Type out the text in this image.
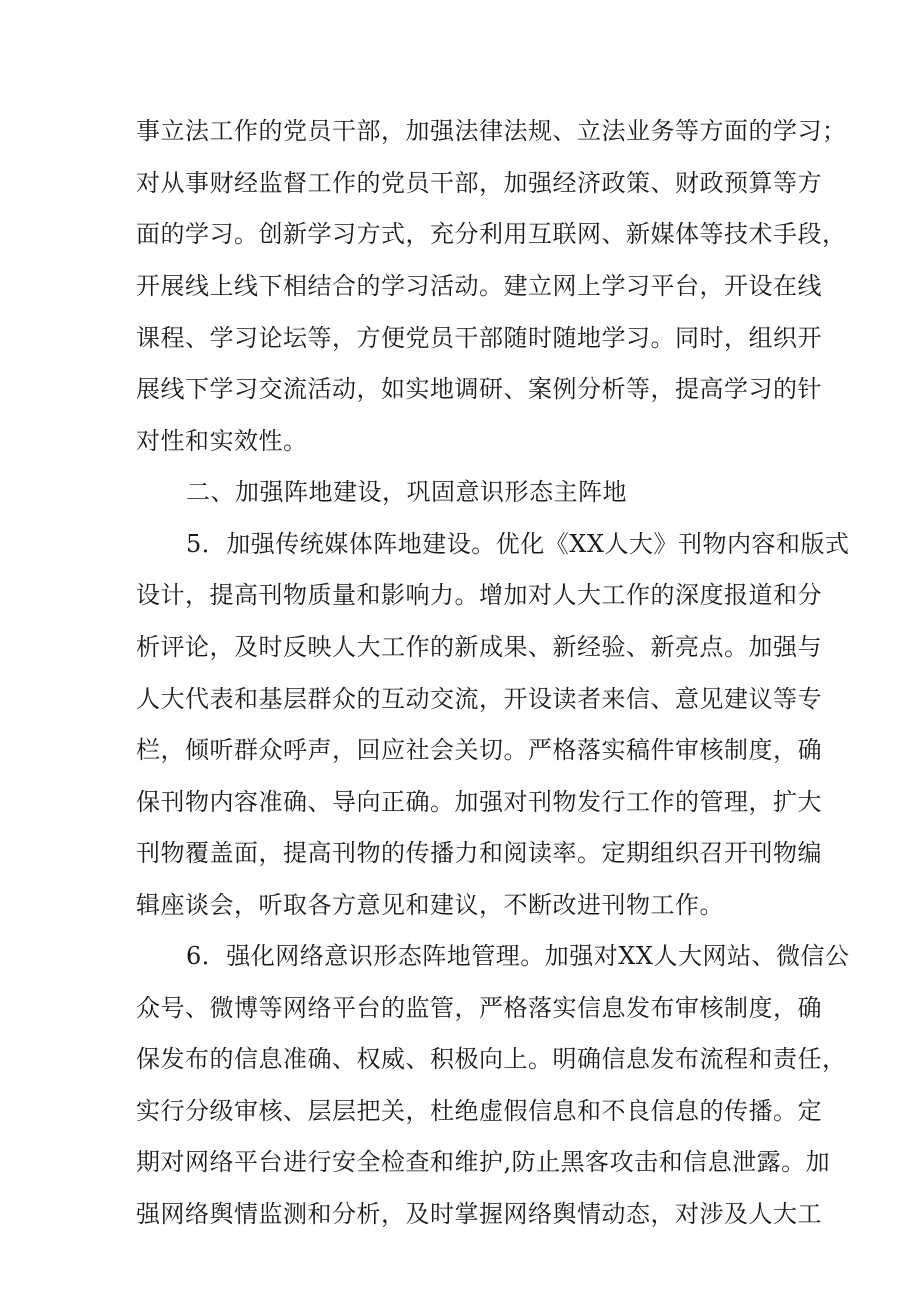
事立法工作的党员干部，加强法律法规、立法业务等方面的学习；
对从事财经监督工作的党员干部，加强经济政策、财政预算等方
面的学习。创新学习方式，充分利用互联网、新媒体等技术手段，
开展线上线下相结合的学习活动。建立网上学习平台，开设在线
课程、学习论坛等，方便党员干部随时随地学习。同时，组织开
展线下学习交流活动，如实地调研、案例分析等，提高学习的针
对性和实效性。
二、加强阵地建设，巩固意识形态主阵地
5．加强传统媒体阵地建设。优化《XX人大》刊物内容和版式
设计，提高刊物质量和影响力。增加对人大工作的深度报道和分
析评论，及时反映人大工作的新成果、新经验、新亮点。加强与
人大代表和基层群众的互动交流，开设读者来信、意见建议等专
栏，倾听群众呼声，回应社会关切。严格落实稿件审核制度，确
保刊物内容准确、导向正确。加强对刊物发行工作的管理，扩大
刊物覆盖面，提高刊物的传播力和阅读率。定期组织召开刊物编
辑座谈会，听取各方意见和建议，不断改进刊物工作。
6．强化网络意识形态阵地管理。加强对XX人大网站、微信公
众号、微博等网络平台的监管，严格落实信息发布审核制度，确
保发布的信息准确、权威、积极向上。明确信息发布流程和责任，
实行分级审核、层层把关，杜绝虚假信息和不良信息的传播。定
期对网络平台进行安全检查和维护,防止黑客攻击和信息泄露。加
强网络舆情监测和分析，及时掌握网络舆情动态，对涉及人大工
